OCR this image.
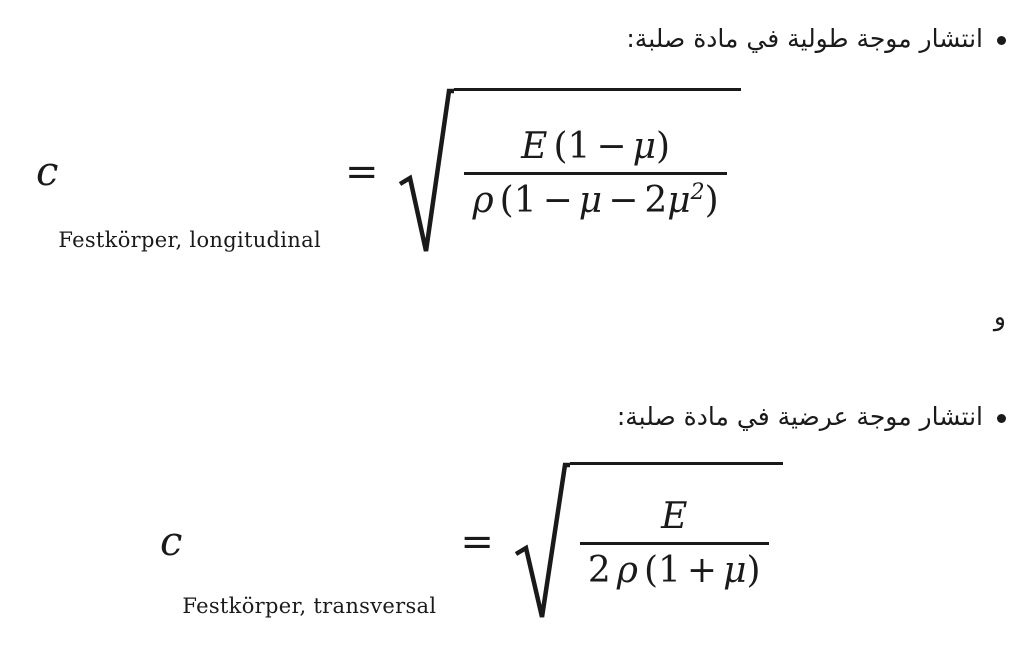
انتشار موجة طولية في مادة صلبة:
c
Festkörper, longitudinal
= $\frac{E (1 - \mu)}{\rho (1 - \mu - 2\mu^2)}$
و
انتشار موجة عرضية في مادة صلبة:
c
Festkörper, transversal
= $\frac{E}{2 \rho (1 + \mu)}$
